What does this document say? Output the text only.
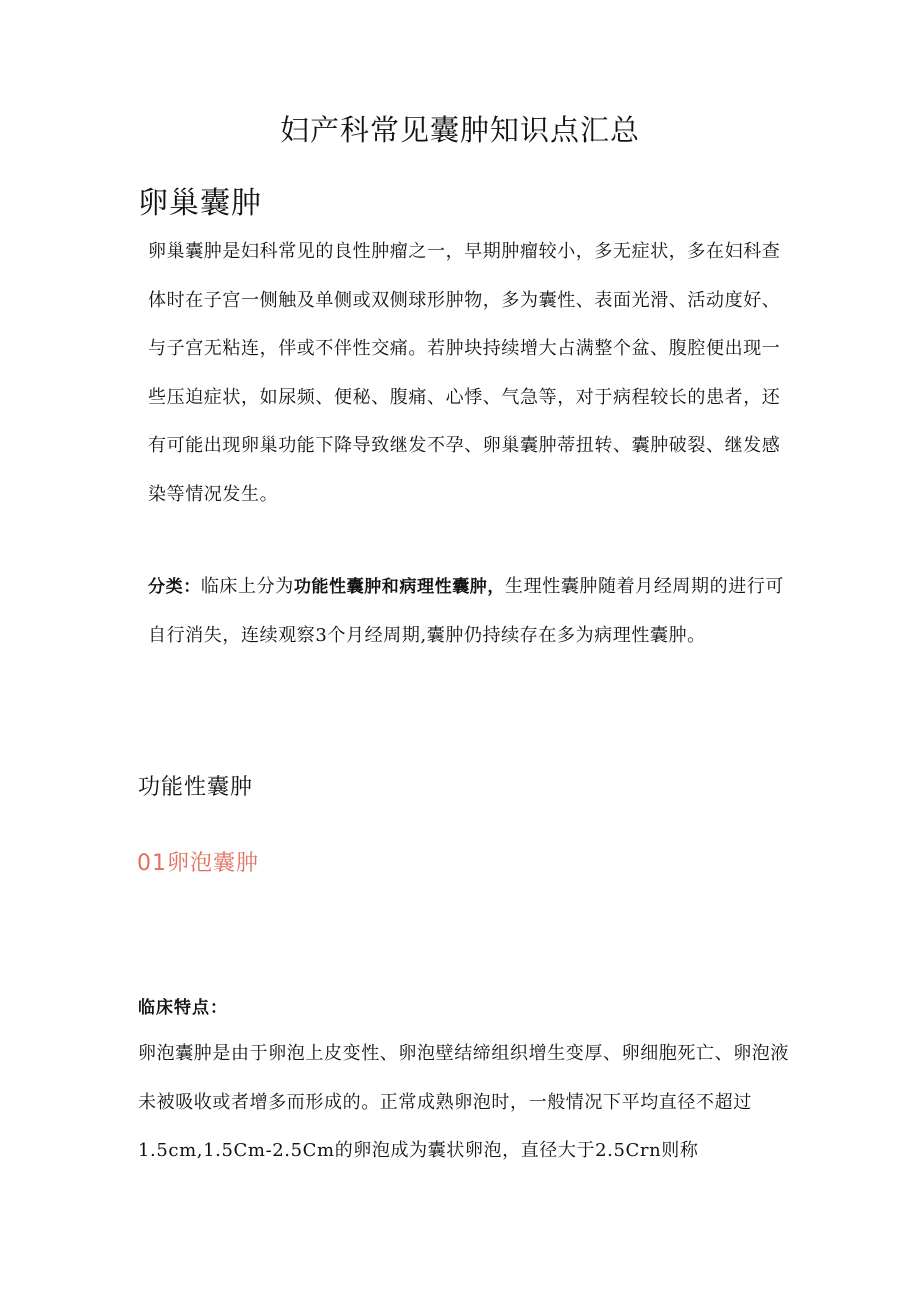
妇产科常见囊肿知识点汇总
卵巢囊肿

卵巢囊肿是妇科常见的良性肿瘤之一，早期肿瘤较小，多无症状，多在妇科查体时在子宫一侧触及单侧或双侧球形肿物，多为囊性、表面光滑、活动度好、与子宫无粘连，伴或不伴性交痛。若肿块持续增大占满整个盆、腹腔便出现一些压迫症状，如尿频、便秘、腹痛、心悸、气急等，对于病程较长的患者，还有可能出现卵巢功能下降导致继发不孕、卵巢囊肿蒂扭转、囊肿破裂、继发感染等情况发生。

分类：临床上分为功能性囊肿和病理性囊肿，生理性囊肿随着月经周期的进行可自行消失，连续观察3个月经周期,囊肿仍持续存在多为病理性囊肿。

功能性囊肿
01卵泡囊肿

临床特点：

卵泡囊肿是由于卵泡上皮变性、卵泡壁结缔组织增生变厚、卵细胞死亡、卵泡液未被吸收或者增多而形成的。正常成熟卵泡时，一般情况下平均直径不超过1.5cm,1.5Cm-2.5Cm的卵泡成为囊状卵泡，直径大于2.5Crn则称
